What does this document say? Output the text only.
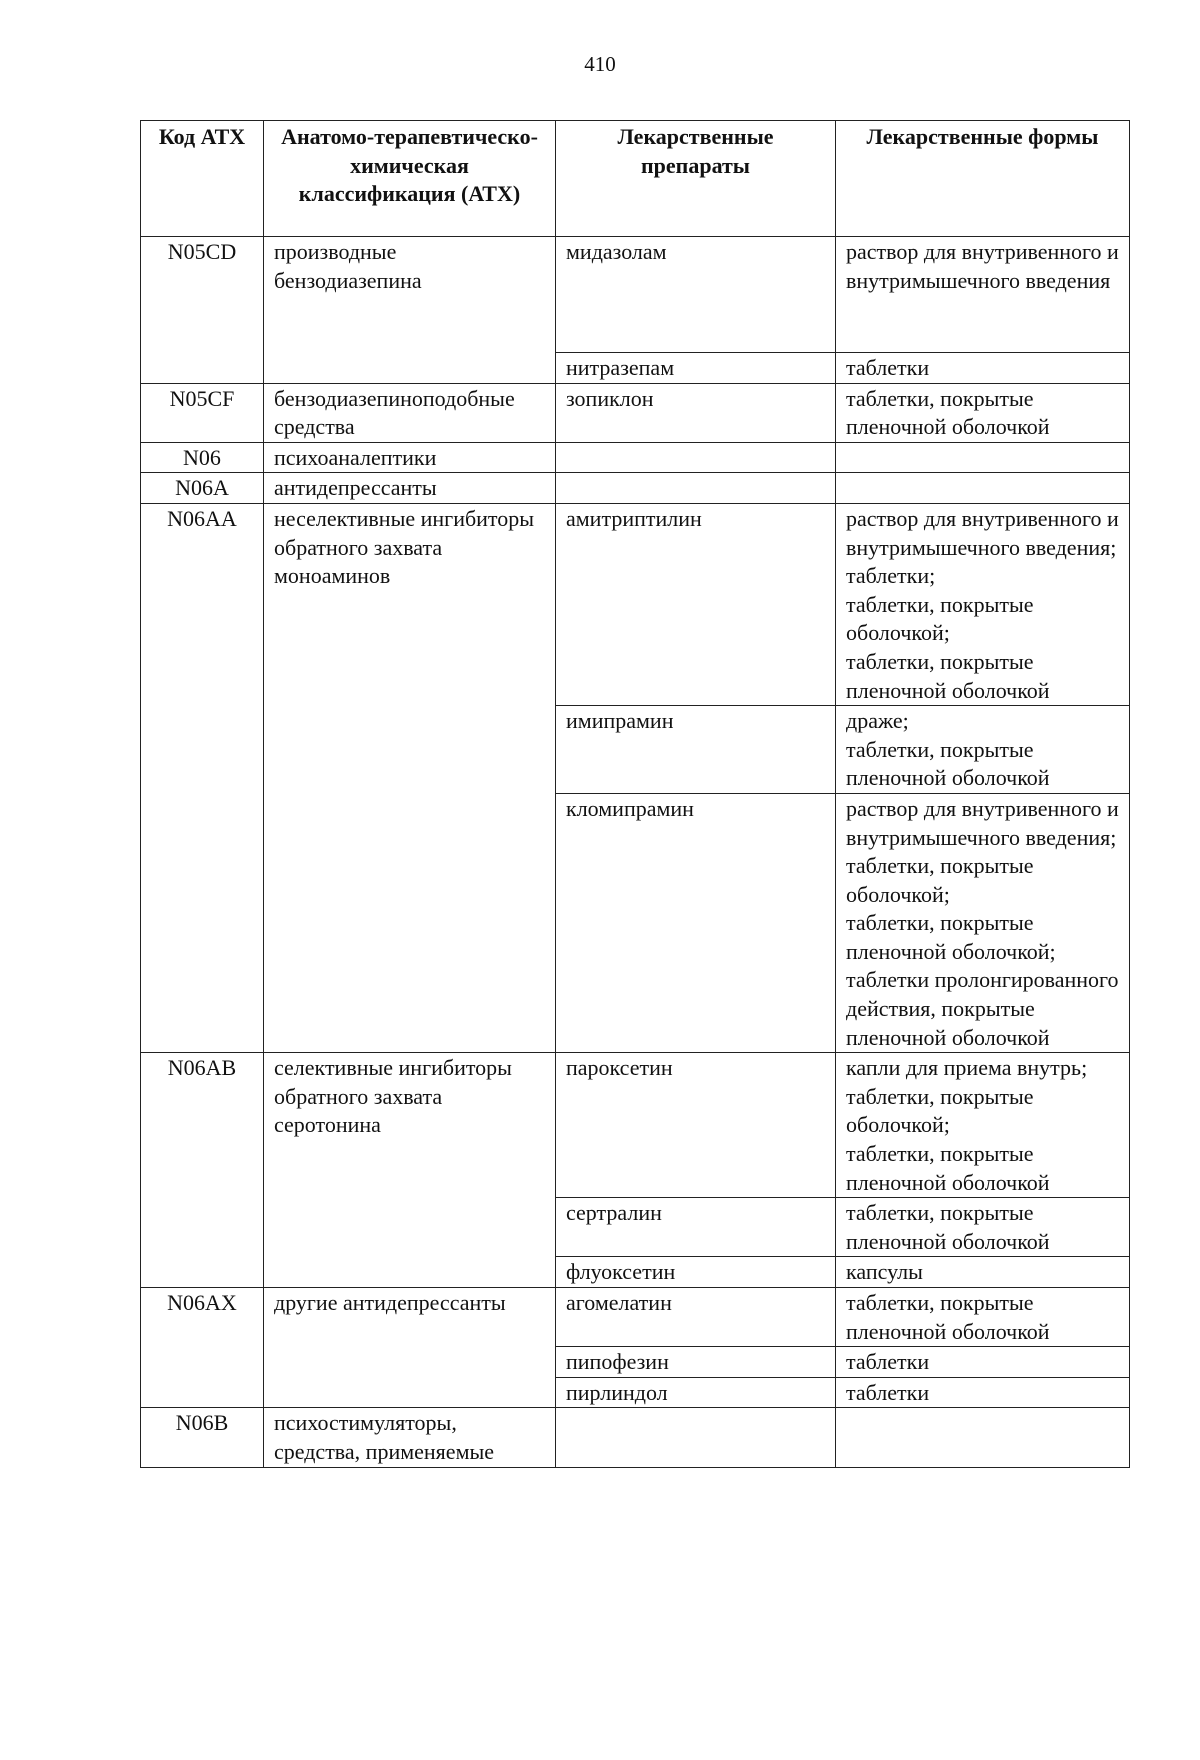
410
Код АТХ	Анатомо-терапевтическо-химическая классификация (АТХ)	Лекарственные препараты	Лекарственные формы
N05CD	производные бензодиазепина	мидазолам	раствор для внутривенного и внутримышечного введения

		нитразепам	таблетки

N05CF	бензодиазепиноподобные средства	зопиклон	таблетки, покрытые пленочной оболочкой

N06	психоаналептики		
N06A	антидепрессанты		
N06AA	неселективные ингибиторы обратного захвата моноаминов	амитриптилин	раствор для внутривенного и внутримышечного введения;
таблетки;
таблетки, покрытые оболочкой;
таблетки, покрытые пленочной оболочкой

		имипрамин	драже;
таблетки, покрытые пленочной оболочкой

		кломипрамин	раствор для внутривенного и внутримышечного введения;
таблетки, покрытые оболочкой;
таблетки, покрытые пленочной оболочкой;
таблетки пролонгированного действия, покрытые пленочной оболочкой

N06AB	селективные ингибиторы обратного захвата серотонина	пароксетин	капли для приема внутрь;
таблетки, покрытые оболочкой;
таблетки, покрытые пленочной оболочкой

		сертралин	таблетки, покрытые пленочной оболочкой

		флуоксетин	капсулы

N06AX	другие антидепрессанты	агомелатин	таблетки, покрытые пленочной оболочкой

		пипофезин	таблетки

		пирлиндол	таблетки

N06B	психостимуляторы, средства, применяемые		
